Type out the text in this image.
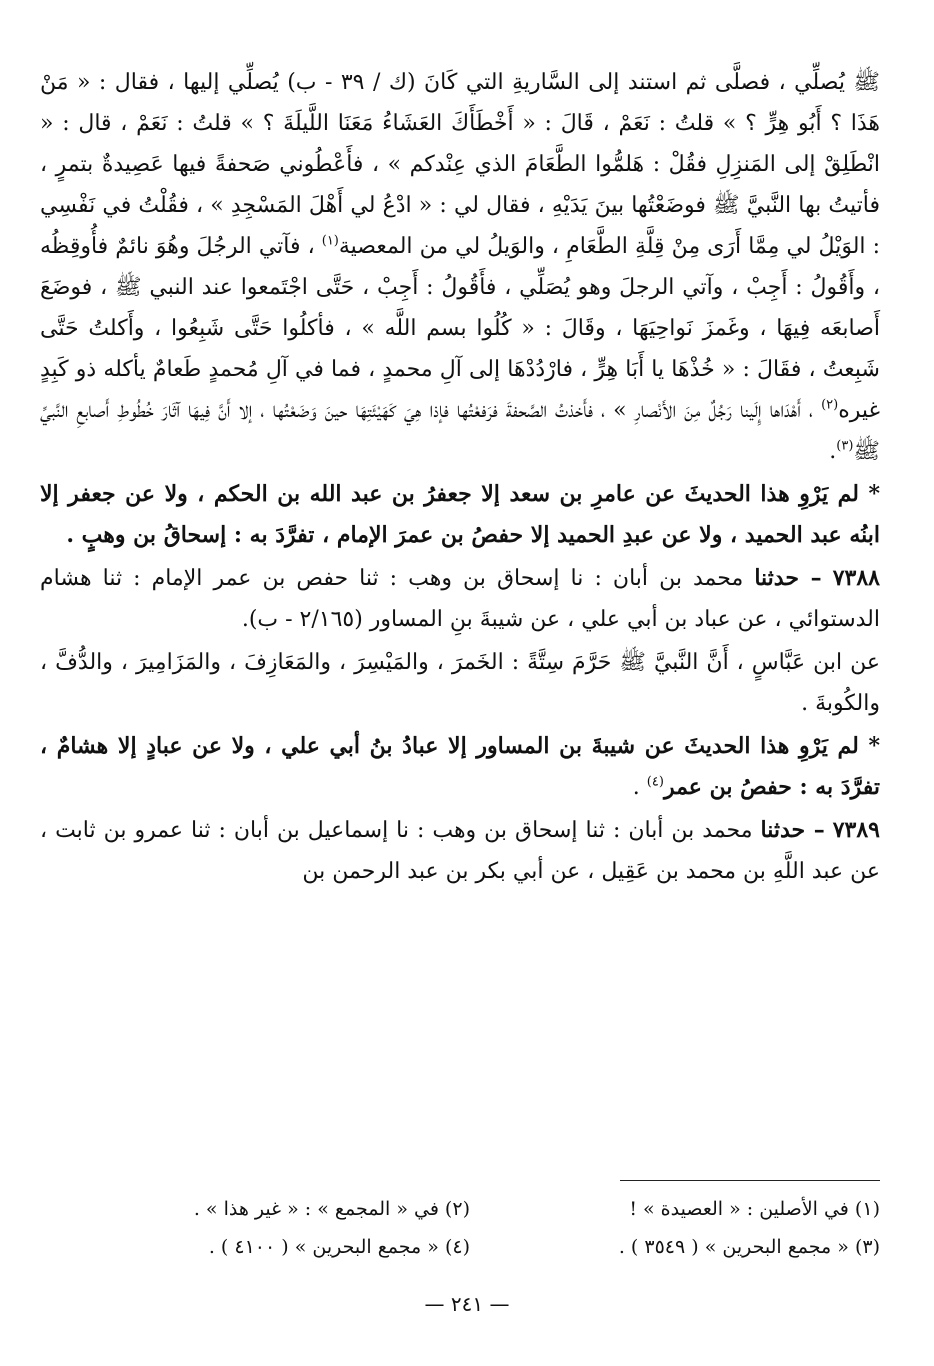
ﷺ يُصلِّي ، فصلَّى ثم استند إلى السَّاريةِ التي كَانَ (ك / ٣٩ - ب) يُصلِّي إليها ، فقال : « مَنْ هَذَا ؟ أَبُو هِرٍّ ؟ » قلتُ : نَعَمْ ، قَالَ : « أَخْطَأَكَ العَشَاءُ مَعَنَا اللَّيلَةَ ؟ » قلتُ : نَعَمْ ، قال : « انْطَلِقْ إلى المَنزِلِ فقُلْ : هَلمُّوا الطَّعَامَ الذي عِنْدكم » ، فأَعْطُوني صَحفةً فيها عَصِيدةٌ بتمرٍ ، فأتيتُ بها النَّبيَّ ﷺ فوضَعْتُها بينَ يَدَيْهِ ، فقال لي : « ادْعُ لي أَهْلَ المَسْجِدِ » ، فقُلْتُ في نَفْسِي : الوَيْلُ لي مِمَّا أَرَى مِنْ قِلَّةِ الطَّعَامِ ، والوَيلُ لي من المعصية$^{(١)}$ ، فآتي الرجُلَ وهُوَ نائمٌ فأُوقِظُه ، وأَقُولُ : أَجِبْ ، وآتي الرجلَ وهو يُصَلِّي ، فأَقُولُ : أَجِبْ ، حَتَّى اجْتَمعوا عند النبي ﷺ ، فوضَعَ أَصابعَه فِيهَا ، وغَمزَ نَواحِيَهَا ، وقَالَ : « كُلُوا بسم اللَّه » ، فأكلُوا حَتَّى شَبِعُوا ، وأَكلتُ حَتَّى شَبِعتُ ، فقَالَ : « خُذْهَا يا أَبَا هِرٍّ ، فارْدُدْهَا إلى آلِ محمدٍ ، فما في آلِ مُحمدٍ طَعامٌ يأكله ذو كَبِدٍ غيره$^{(٢)}$ ، أَهْدَاها إِلَينا رَجُلٌ مِنَ الأَنْصارِ » ، فأَخذتُ الصَّحفةَ فرَفعْتُها فإذا هِيَ كَهَيْئَتِهَا حينَ وَضَعْتُها ، إلا أَنَّ فِيهَا آثَارَ خُطُوطِ أَصابعِ النَّبيِّ ﷺ$^{(٣)}$.

* لم يَرْوِ هذا الحديثَ عن عامرِ بن سعد إلا جعفرُ بن عبد الله بن الحكم ، ولا عن جعفر إلا ابنُه عبد الحميد ، ولا عن عبدِ الحميد إلا حفصُ بن عمرَ الإمام ، تفرَّدَ به : إسحاقُ بن وهبٍ .

٧٣٨٨ – حدثنا محمد بن أبان : نا إسحاق بن وهب : ثنا حفص بن عمر الإمام : ثنا هشام الدستوائي ، عن عباد بن أبي علي ، عن شيبةَ بنِ المساور (٢/١٦٥ - ب).

عن ابن عَبَّاسٍ ، أَنَّ النَّبيَّ ﷺ حَرَّمَ سِتَّةً : الخَمرَ ، والمَيْسِرَ ، والمَعَازِفَ ، والمَزَامِيرَ ، والدُّفَّ ، والكُوبةَ .

* لم يَرْوِ هذا الحديثَ عن شيبةَ بن المساور إلا عبادُ بنُ أبي علي ، ولا عن عبادٍ إلا هشامٌ ، تفرَّدَ به : حفصُ بن عمر$^{(٤)}$ .

٧٣٨٩ – حدثنا محمد بن أبان : ثنا إسحاق بن وهب : نا إسماعيل بن أبان : ثنا عمرو بن ثابت ، عن عبد اللَّهِ بن محمد بن عَقِيل ، عن أبي بكر بن عبد الرحمن بن

(١) في الأصلين : « العصيدة » !
(٢) في « المجمع » : « غير هذا » .
(٣) « مجمع البحرين » ( ٣٥٤٩ ) .
(٤) « مجمع البحرين » ( ٤١٠٠ ) .
— ٢٤١ —
